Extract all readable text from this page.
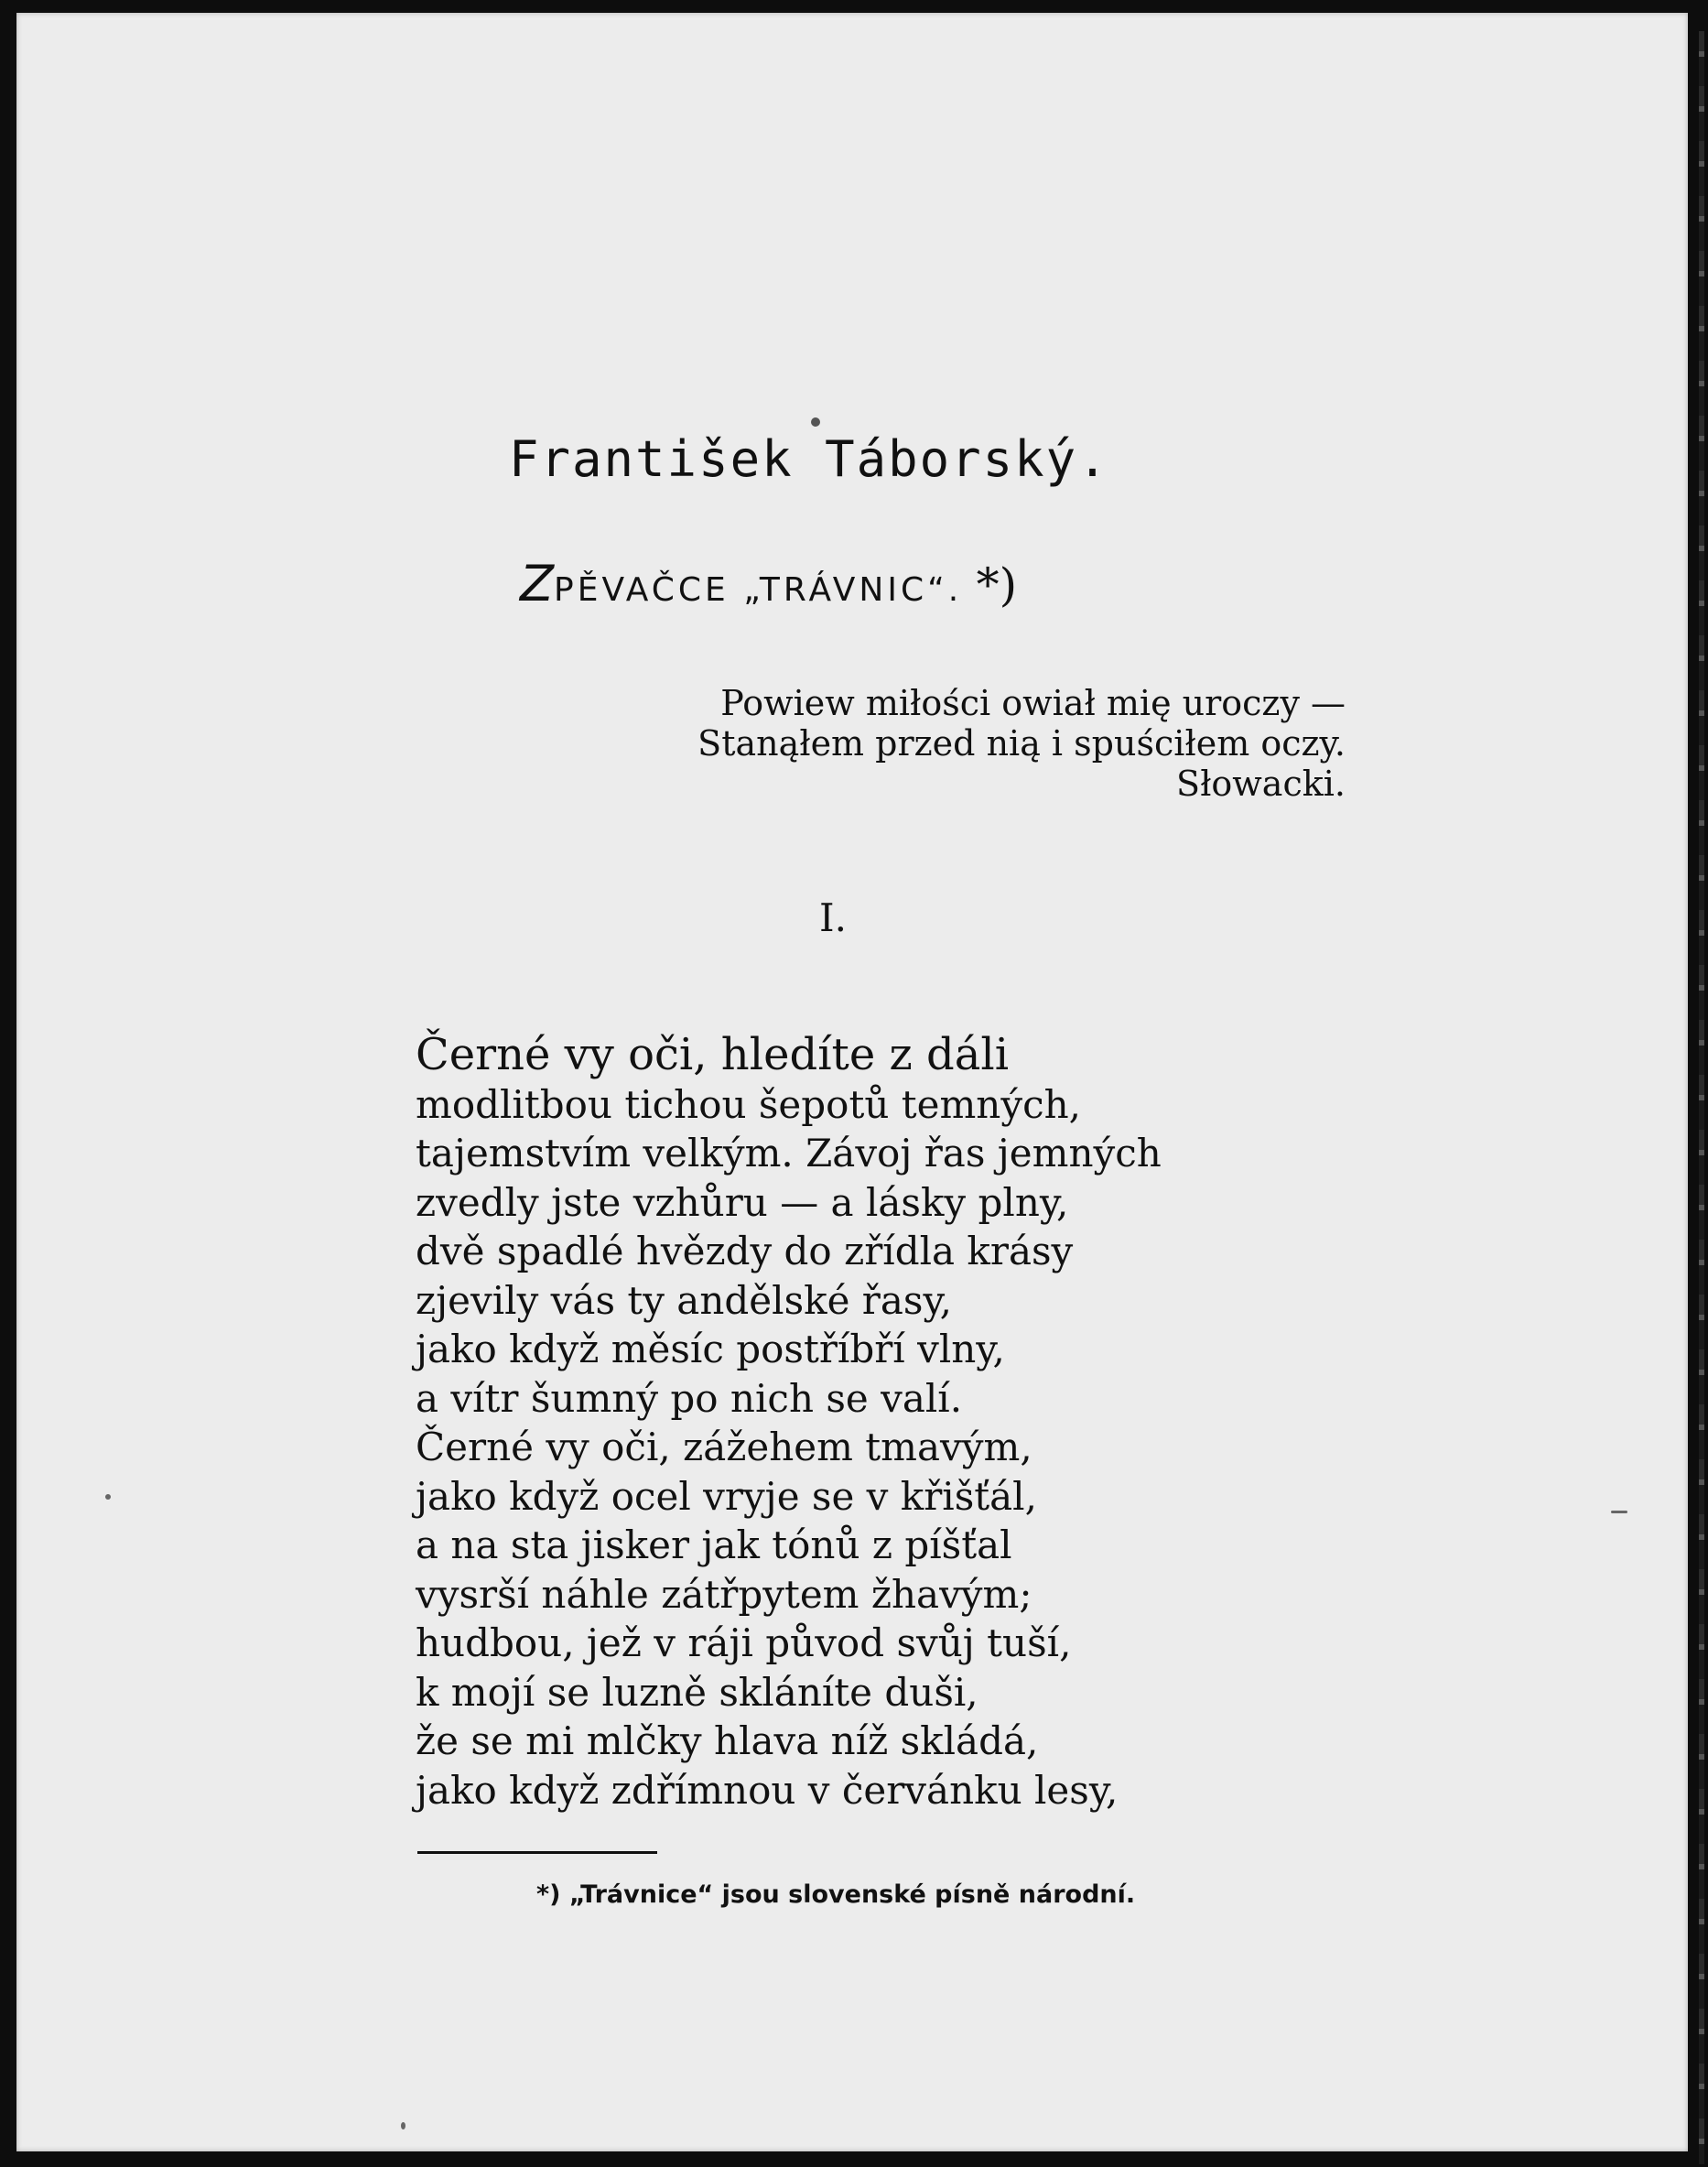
František Táborský.
ZPĚVAČCE „TRÁVNIC“. *)
Powiew miłości owiał mię uroczy —
Stanąłem przed nią i spuściłem oczy.
Słowacki.
I.
Černé vy oči, hledíte z dáli
modlitbou tichou šepotů temných,
tajemstvím velkým. Závoj řas jemných
zvedly jste vzhůru — a lásky plny,
dvě spadlé hvězdy do zřídla krásy
zjevily vás ty andělské řasy,
jako když měsíc postříbří vlny,
a vítr šumný po nich se valí.
Černé vy oči, zážehem tmavým,
jako když ocel vryje se v křišťál,
a na sta jisker jak tónů z píšťal
vysrší náhle zátřpytem žhavým;
hudbou, jež v ráji původ svůj tuší,
k mojí se luzně skláníte duši,
že se mi mlčky hlava níž skládá,
jako když zdřímnou v červánku lesy,
*) „Trávnice“ jsou slovenské písně národní.
